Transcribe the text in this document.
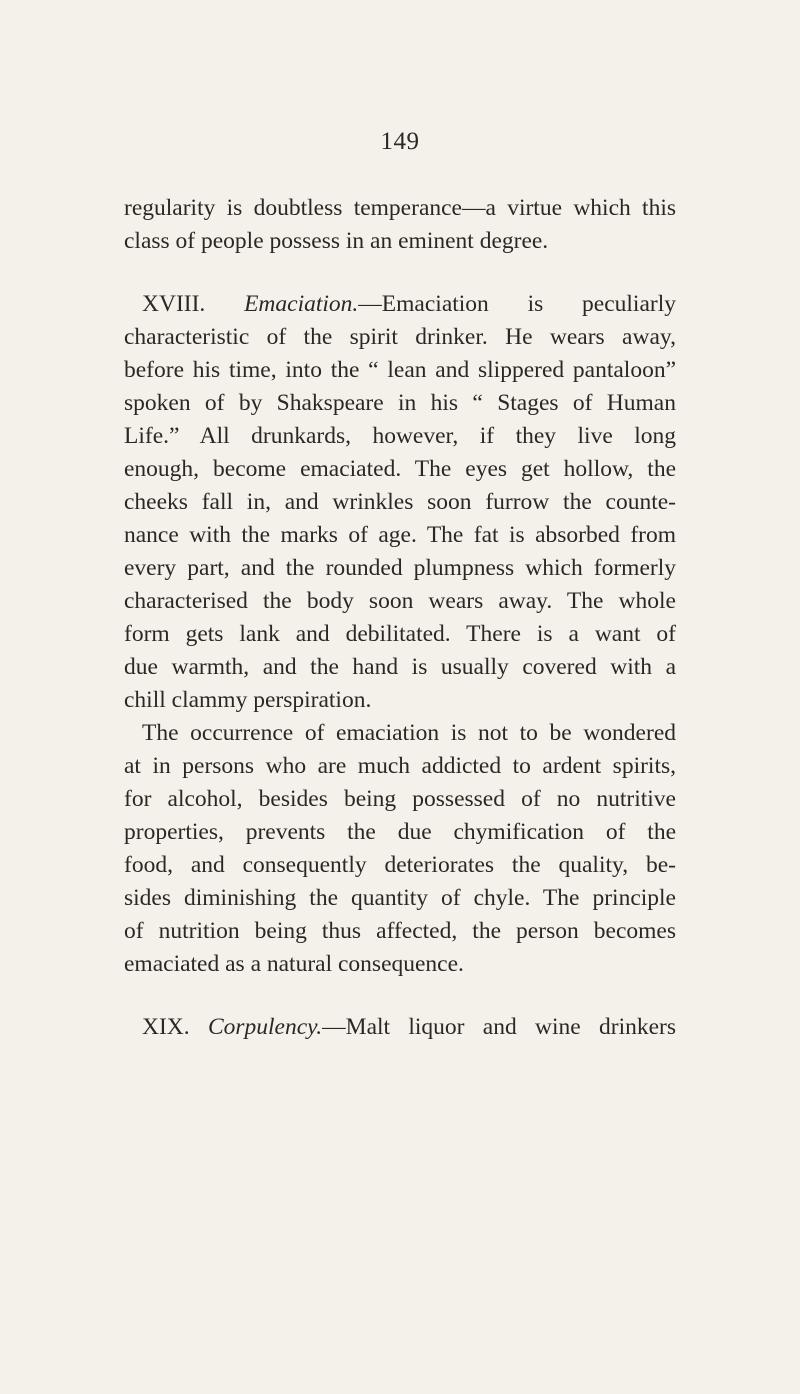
149
regularity is doubtless temperance—a virtue which this
class of people possess in an eminent degree.
XVIII. Emaciation.—Emaciation is peculiarly
characteristic of the spirit drinker. He wears away,
before his time, into the “ lean and slippered pantaloon”
spoken of by Shakspeare in his “ Stages of Human
Life.” All drunkards, however, if they live long
enough, become emaciated. The eyes get hollow, the
cheeks fall in, and wrinkles soon furrow the counte-
nance with the marks of age. The fat is absorbed from
every part, and the rounded plumpness which formerly
characterised the body soon wears away. The whole
form gets lank and debilitated. There is a want of
due warmth, and the hand is usually covered with a
chill clammy perspiration.
The occurrence of emaciation is not to be wondered
at in persons who are much addicted to ardent spirits,
for alcohol, besides being possessed of no nutritive
properties, prevents the due chymification of the
food, and consequently deteriorates the quality, be-
sides diminishing the quantity of chyle. The principle
of nutrition being thus affected, the person becomes
emaciated as a natural consequence.
XIX. Corpulency.—Malt liquor and wine drinkers
